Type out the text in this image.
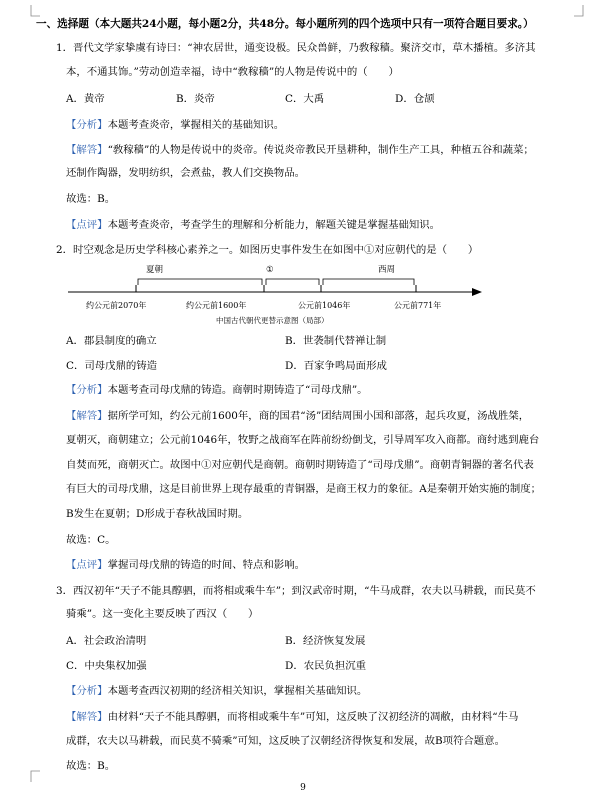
一、选择题（本大题共24小题，每小题2分，共48分。每小题所列的四个选项中只有一项符合题目要求。）
1．晋代文学家挚虞有诗曰：“神农居世，通变设极。民众兽鲜，乃敎稼穑。聚济交市，草木播植。多济其
本，不通其饰。”劳动创造幸福，诗中“敎稼穑”的人物是传说中的（　　）
A．黄帝	B．炎帝	C．大禹	D．仓颉
【分析】本题考查炎帝，掌握相关的基础知识。
【解答】“敎稼穑”的人物是传说中的炎帝。传说炎帝教民开垦耕种，制作生产工具，种植五谷和蔬菜；
还制作陶器，发明纺织，会煮盐，教人们交换物品。
故选：B。
【点评】本题考查炎帝，考查学生的理解和分析能力，解题关键是掌握基础知识。
2．时空观念是历史学科核心素养之一。如图历史事件发生在如图中①对应朝代的是（　　）
夏朝	①	西周
约公元前2070年	约公元前1600年	公元前1046年	公元前771年
中国古代朝代更替示意图（局部）
A．郡县制度的确立	B．世袭制代替禅让制
C．司母戊鼎的铸造	D．百家争鸣局面形成
【分析】本题考查司母戊鼎的铸造。商朝时期铸造了“司母戊鼎”。
【解答】据所学可知，约公元前1600年，商的国君“汤”团结周围小国和部落，起兵攻夏，汤战胜桀，
夏朝灭，商朝建立；公元前1046年，牧野之战商军在阵前纷纷倒戈，引导周军攻入商都。商纣逃到鹿台
自焚而死，商朝灭亡。故图中①对应朝代是商朝。商朝时期铸造了“司母戊鼎”。商朝青铜器的著名代表
有巨大的司母戊鼎，这是目前世界上现存最重的青铜器，是商王权力的象征。A是秦朝开始实施的制度；
B发生在夏朝；D形成于春秋战国时期。
故选：C。
【点评】掌握司母戊鼎的铸造的时间、特点和影响。
3．西汉初年“天子不能具醇驷，而将相或乘牛车”；到汉武帝时期，“牛马成群，农夫以马耕载，而民莫不
骑乘”。这一变化主要反映了西汉（　　）
A．社会政治清明	B．经济恢复发展
C．中央集权加强	D．农民负担沉重
【分析】本题考查西汉初期的经济相关知识，掌握相关基础知识。
【解答】由材料“天子不能具醇驷，而将相或乘牛车”可知，这反映了汉初经济的凋敝，由材料“牛马
成群，农夫以马耕载，而民莫不骑乘”可知，这反映了汉朝经济得恢复和发展，故B项符合题意。
故选：B。
9
